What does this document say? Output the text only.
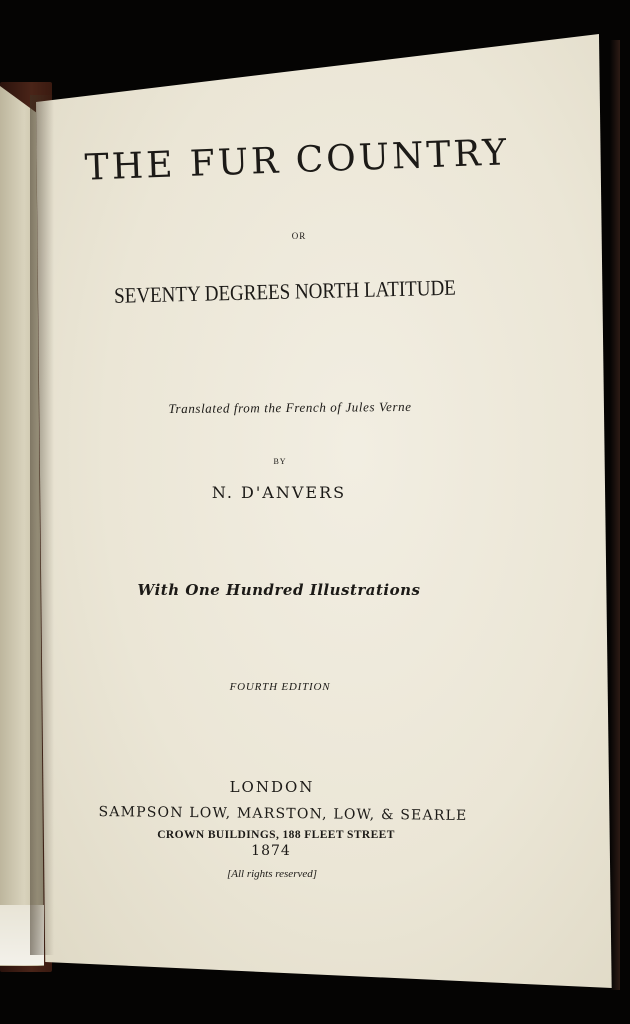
THE FUR COUNTRY
OR
SEVENTY DEGREES NORTH LATITUDE
Translated from the French of Jules Verne
BY
N. D'ANVERS
With One Hundred Illustrations
FOURTH EDITION
LONDON
SAMPSON LOW, MARSTON, LOW, & SEARLE
CROWN BUILDINGS, 188 FLEET STREET
1874
[All rights reserved]
